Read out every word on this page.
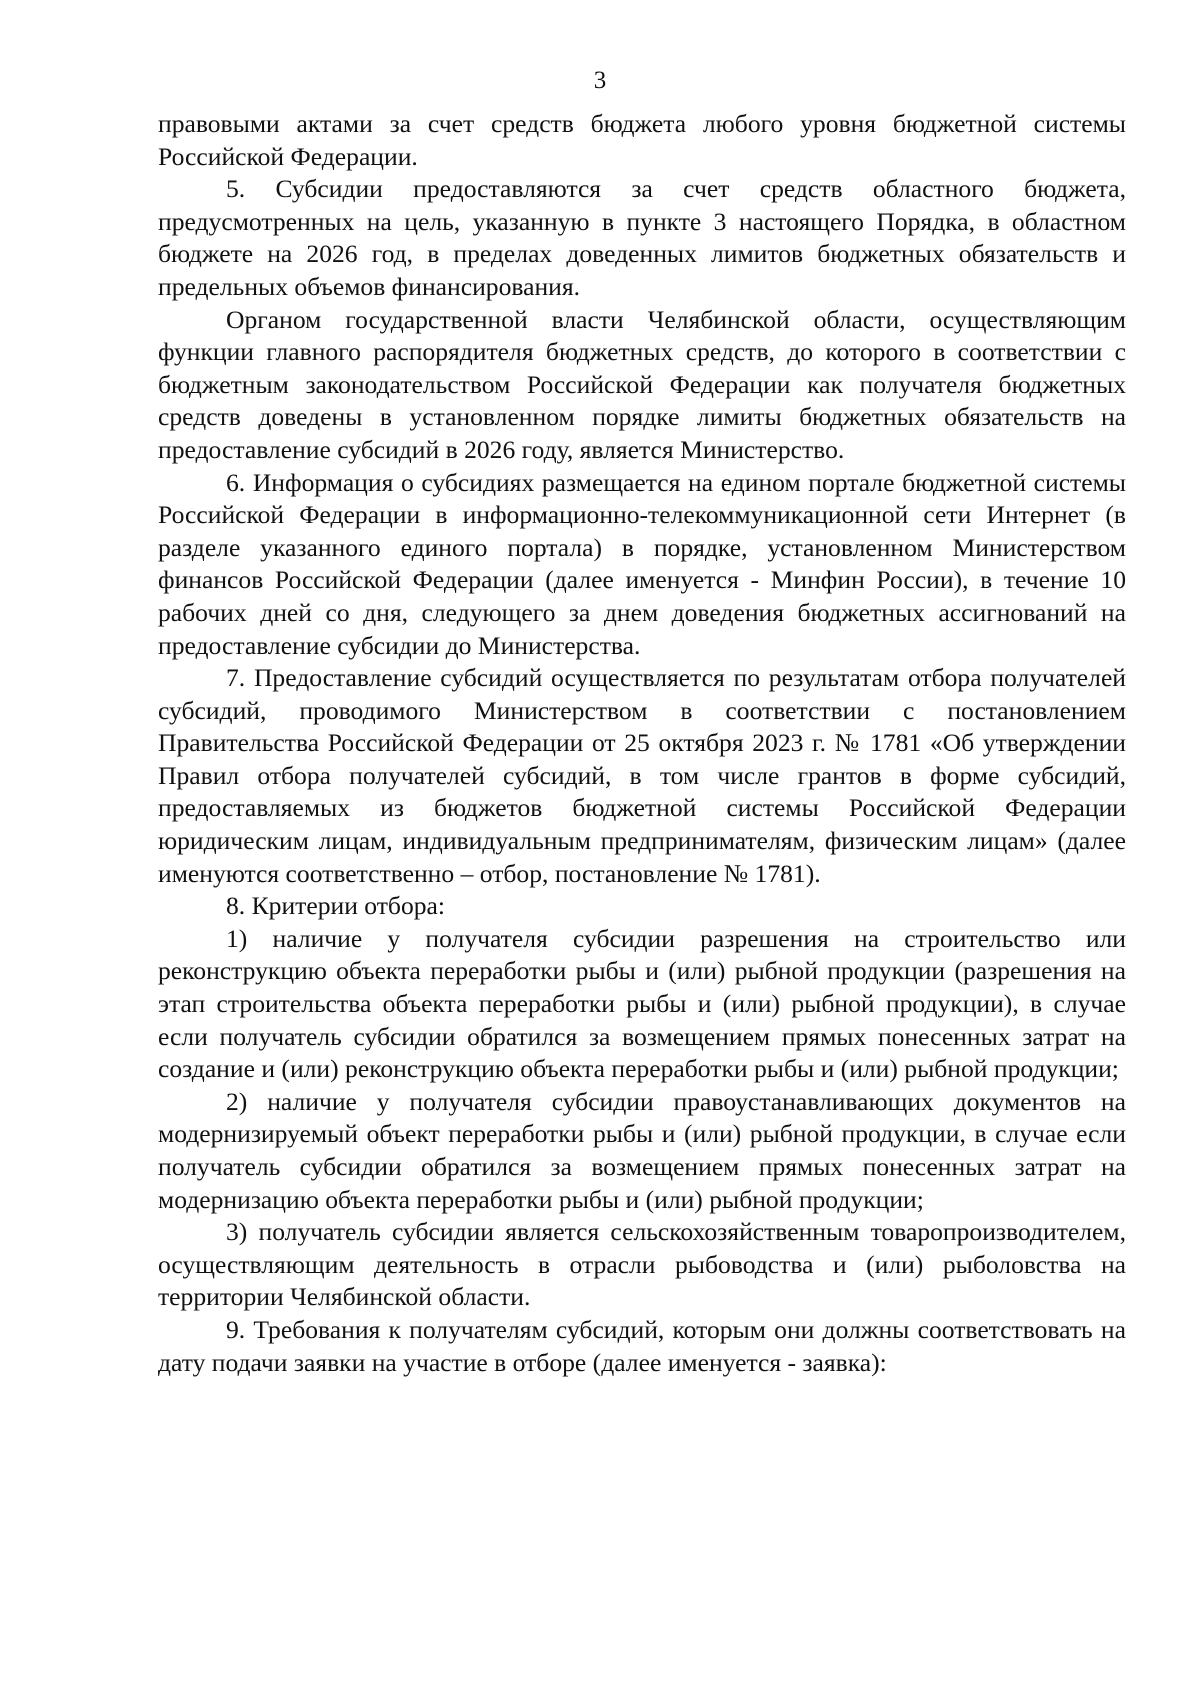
3

правовыми актами за счет средств бюджета любого уровня бюджетной системы Российской Федерации.

5. Субсидии предоставляются за счет средств областного бюджета, предусмотренных на цель, указанную в пункте 3 настоящего Порядка, в областном бюджете на 2026 год, в пределах доведенных лимитов бюджетных обязательств и предельных объемов финансирования.

Органом государственной власти Челябинской области, осуществляющим функции главного распорядителя бюджетных средств, до которого в соответствии с бюджетным законодательством Российской Федерации как получателя бюджетных средств доведены в установленном порядке лимиты бюджетных обязательств на предоставление субсидий в 2026 году, является Министерство.

6. Информация о субсидиях размещается на едином портале бюджетной системы Российской Федерации в информационно-телекоммуникационной сети Интернет (в разделе указанного единого портала) в порядке, установленном Министерством финансов Российской Федерации (далее именуется - Минфин России), в течение 10 рабочих дней со дня, следующего за днем доведения бюджетных ассигнований на предоставление субсидии до Министерства.

7. Предоставление субсидий осуществляется по результатам отбора получателей субсидий, проводимого Министерством в соответствии с постановлением Правительства Российской Федерации от 25 октября 2023 г. № 1781 «Об утверждении Правил отбора получателей субсидий, в том числе грантов в форме субсидий, предоставляемых из бюджетов бюджетной системы Российской Федерации юридическим лицам, индивидуальным предпринимателям, физическим лицам» (далее именуются соответственно – отбор, постановление № 1781).

8. Критерии отбора:

1) наличие у получателя субсидии разрешения на строительство или реконструкцию объекта переработки рыбы и (или) рыбной продукции (разрешения на этап строительства объекта переработки рыбы и (или) рыбной продукции), в случае если получатель субсидии обратился за возмещением прямых понесенных затрат на создание и (или) реконструкцию объекта переработки рыбы и (или) рыбной продукции;

2) наличие у получателя субсидии правоустанавливающих документов на модернизируемый объект переработки рыбы и (или) рыбной продукции, в случае если получатель субсидии обратился за возмещением прямых понесенных затрат на модернизацию объекта переработки рыбы и (или) рыбной продукции;

3) получатель субсидии является сельскохозяйственным товаропроизводителем, осуществляющим деятельность в отрасли рыбоводства и (или) рыболовства на территории Челябинской области.

9. Требования к получателям субсидий, которым они должны соответствовать на дату подачи заявки на участие в отборе (далее именуется - заявка):
